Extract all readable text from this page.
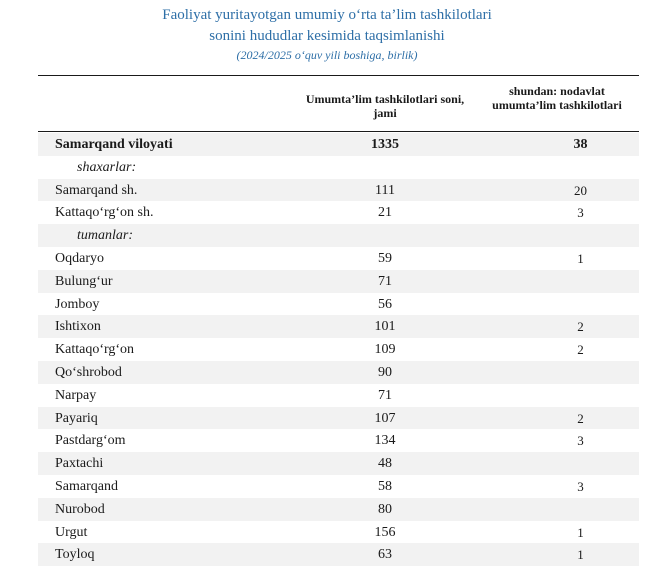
Faoliyat yuritayotgan umumiy o‘rta ta’lim tashkilotlari
sonini hududlar kesimida taqsimlanishi
(2024/2025 o‘quv yili boshiga, birlik)
Umumta’lim tashkilotlari soni, jami
shundan: nodavlat umumta’lim tashkilotlari
Samarqand viloyati	1335	38
shaxarlar:
Samarqand sh.	111	20
Kattaqo‘rg‘on sh.	21	3
tumanlar:
Oqdaryo	59	1
Bulung‘ur	71
Jomboy	56
Ishtixon	101	2
Kattaqo‘rg‘on	109	2
Qo‘shrobod	90
Narpay	71
Payariq	107	2
Pastdarg‘om	134	3
Paxtachi	48
Samarqand	58	3
Nurobod	80
Urgut	156	1
Toyloq	63	1
